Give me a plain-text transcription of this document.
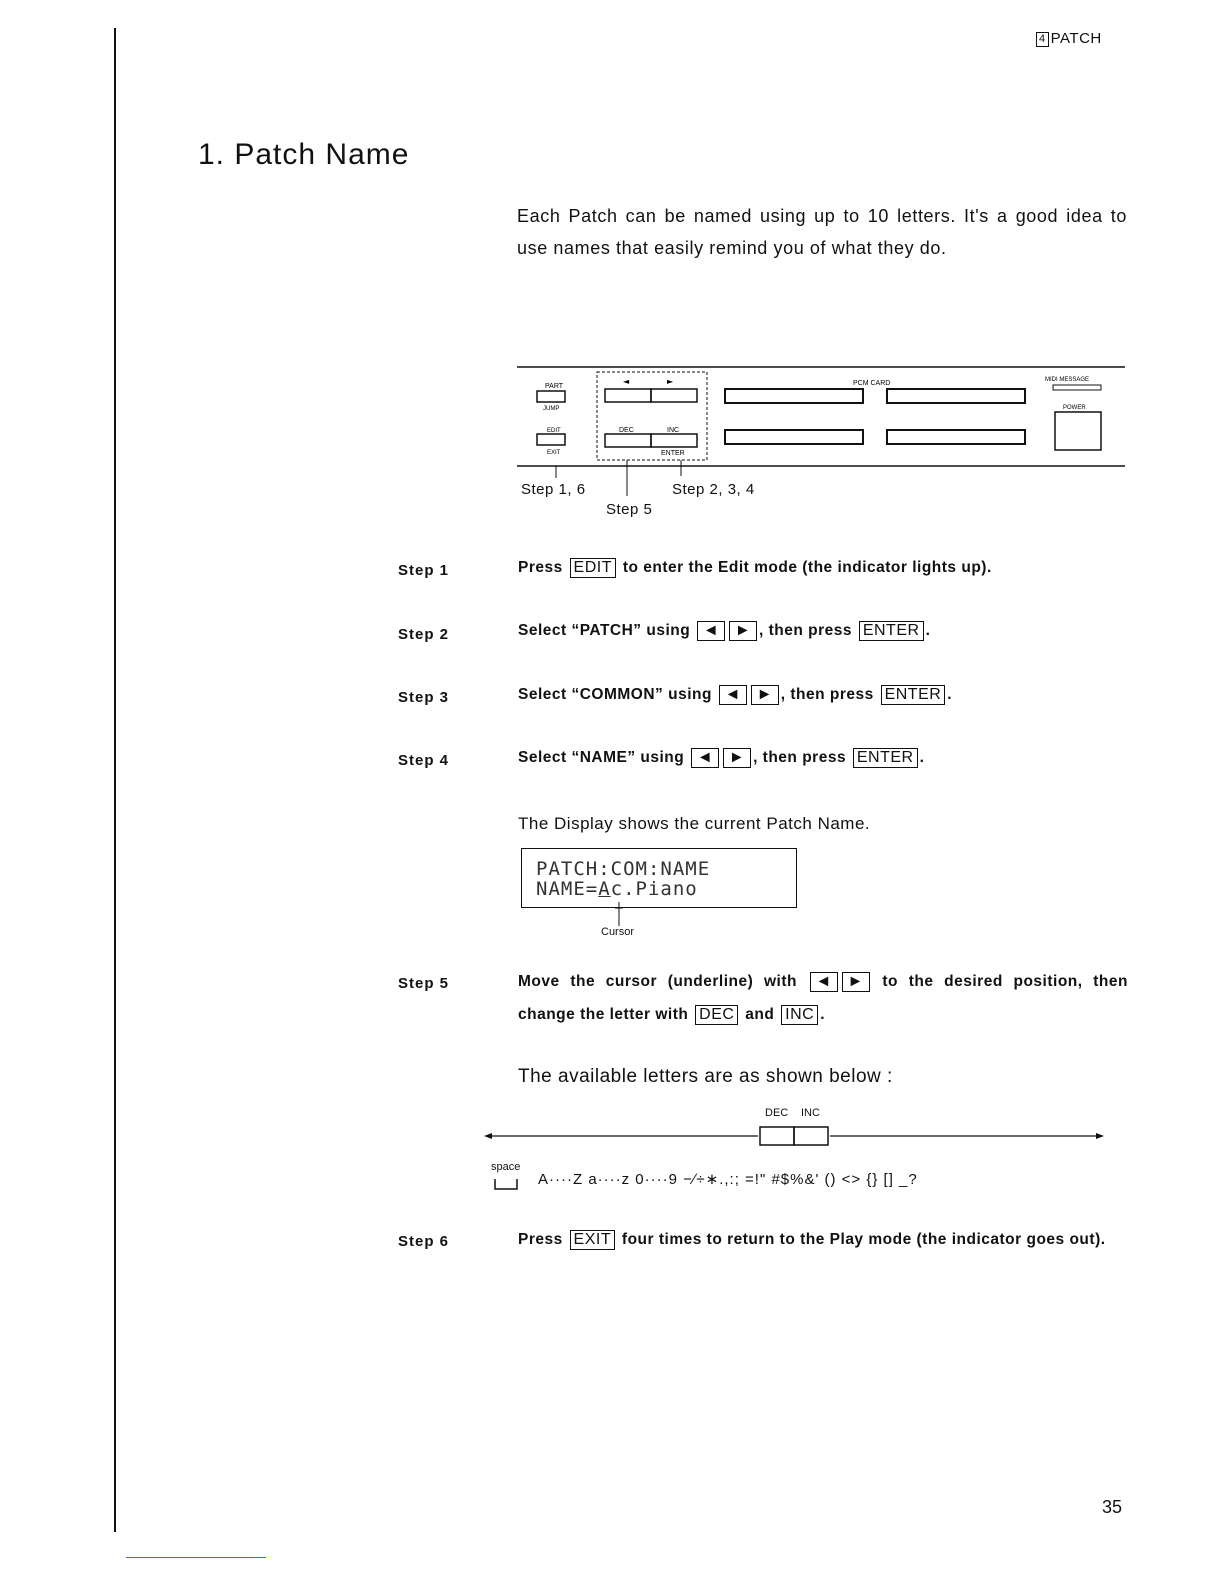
4 PATCH
1. Patch Name
Each Patch can be named using up to 10 letters. It's a good idea to use names that easily remind you of what they do.
PART
JUMP
EDIT
EXIT
◄	►
DEC	INC
ENTER
PCM CARD	MIDI MESSAGE
POWER
Step 1, 6	Step 2, 3, 4
Step 5
Step 1	Press EDIT to enter the Edit mode (the indicator lights up).
Step 2	Select “PATCH” using ◄ ► , then press ENTER .
Step 3	Select “COMMON” using ◄ ► , then press ENTER .
Step 4	Select “NAME” using ◄ ► , then press ENTER .
The Display shows the current Patch Name.
PATCH:COM:NAME
NAME=Ac.Piano
Cursor
Step 5	Move the cursor (underline) with ◄ ► to the desired position, then change the letter with DEC and INC .
The available letters are as shown below :
DEC INC
space
A····Z a····z 0····9 −∕÷∗.,:; =!" #$%&' () <> {} [] _?
Step 6	Press EXIT four times to return to the Play mode (the indicator goes out).
35
